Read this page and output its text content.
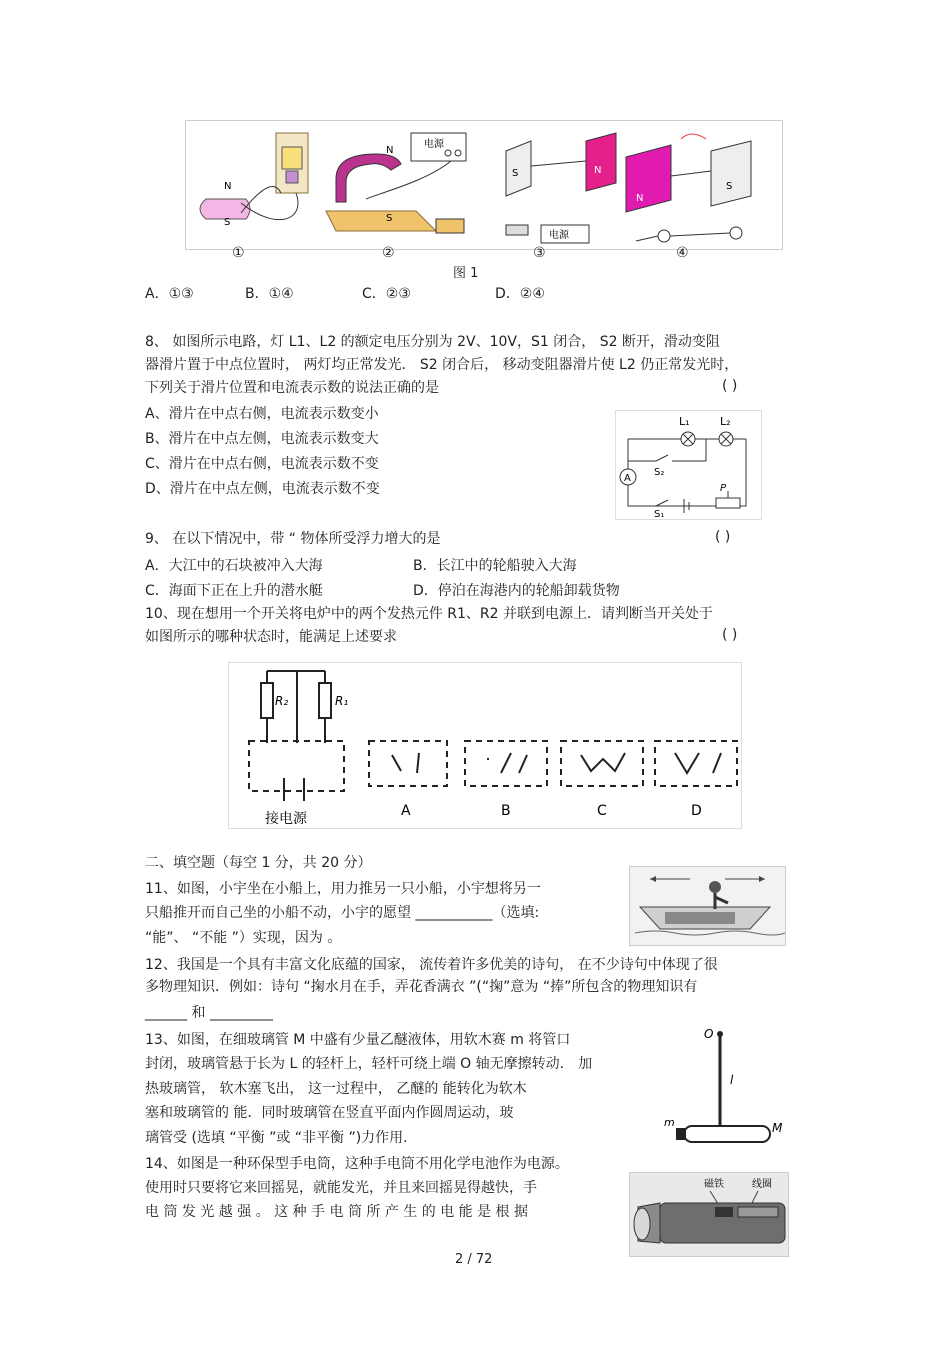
N
S
N
S
电源
S	N
电源
N
S
①	②	③	④
图 1
A．①③	B．①④	C．②③	D．②④
8、 如图所示电路，灯 L1、L2 的额定电压分别为 2V、10V，S1 闭合， S2 断开，滑动变阻
器滑片置于中点位置时， 两灯均正常发光． S2 闭合后， 移动变阻器滑片使 L2 仍正常发光时，
下列关于滑片位置和电流表示数的说法正确的是	( )
A、滑片在中点右侧，电流表示数变小
B、滑片在中点左侧，电流表示数变大
C、滑片在中点右侧，电流表示数不变
D、滑片在中点左侧，电流表示数不变
L₁	L₂
A
S₂
S₁
P
9、 在以下情况中，带 “ 物体所受浮力增大的是	( )
A．大江中的石块被冲入大海	B．长江中的轮船驶入大海
C．海面下正在上升的潜水艇	D．停泊在海港内的轮船卸载货物
10、现在想用一个开关将电炉中的两个发热元件 R1、R2 并联到电源上．请判断当开关处于
如图所示的哪种状态时，能满足上述要求	( )
R₂	R₁
接电源	A	B	C	D
二、填空题（每空 1 分，共 20 分）
11、如图，小宇坐在小船上，用力推另一只小船，小宇想将另一
只船推开而自己坐的小船不动，小宇的愿望 ___________（选填:
“能”、 “不能 ”）实现，因为 。
12、我国是一个具有丰富文化底蕴的国家， 流传着许多优美的诗句， 在不少诗句中体现了很
多物理知识．例如：诗句 “掬水月在手，弄花香满衣 ”(“掬”意为 “捧”所包含的物理知识有
______ 和 _________
13、如图，在细玻璃管 M 中盛有少量乙醚液体，用软木赛 m 将管口
封闭，玻璃管悬于长为 L 的轻杆上，轻杆可绕上端 O 轴无摩擦转动． 加
热玻璃管， 软木塞飞出， 这一过程中， 乙醚的 能转化为软木
塞和玻璃管的 能．同时玻璃管在竖直平面内作圆周运动，玻
璃管受 (选填 “平衡 ”或 “非平衡 ”)力作用.
O
l
m	M
14、如图是一种环保型手电筒，这种手电筒不用化学电池作为电源。
使用时只要将它来回摇晃，就能发光，并且来回摇晃得越快，手
电 筒 发 光 越 强 。 这 种 手 电 筒 所 产 生 的 电 能 是 根 据
磁铁	线圈
2 / 72
